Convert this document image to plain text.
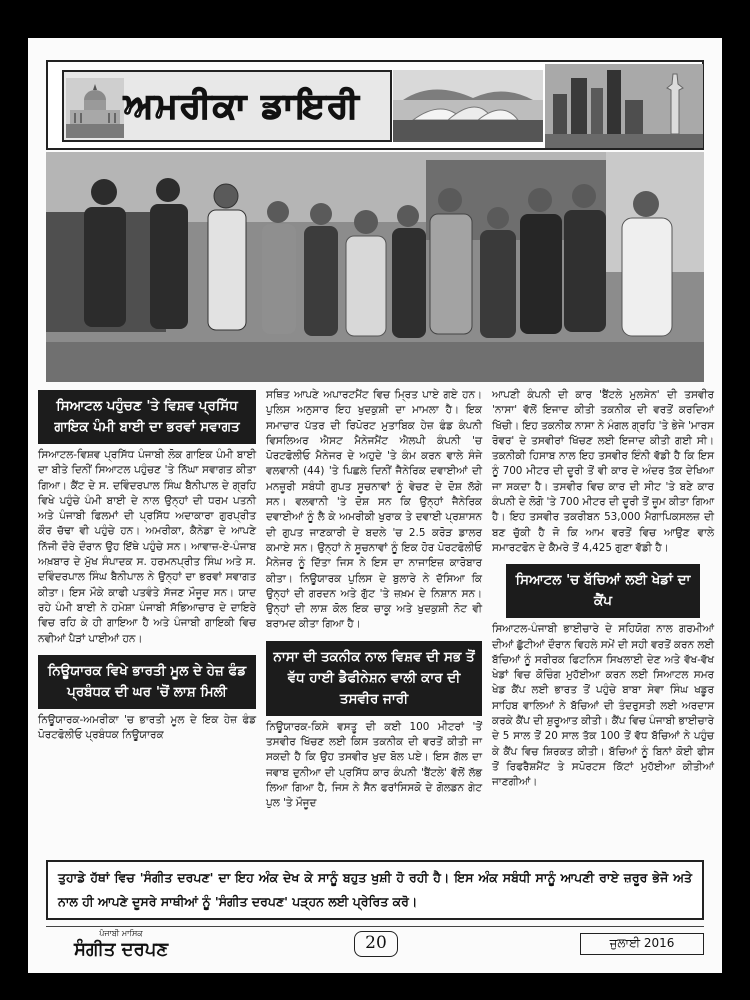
ਅਮਰੀਕਾ ਡਾਇਰੀ
ਸਿਆਟਲ ਪਹੁੰਚਣ 'ਤੇ ਵਿਸ਼ਵ ਪ੍ਰਸਿੱਧ ਗਾਇਕ ਪੰਮੀ ਬਾਈ ਦਾ ਭਰਵਾਂ ਸਵਾਗਤ

ਸਿਆਟਲ-ਵਿਸ਼ਵ ਪ੍ਰਸਿੱਧ ਪੰਜਾਬੀ ਲੋਕ ਗਾਇਕ ਪੰਮੀ ਬਾਈ ਦਾ ਬੀਤੇ ਦਿਨੀਂ ਸਿਆਟਲ ਪਹੁੰਚਣ 'ਤੇ ਨਿੱਘਾ ਸਵਾਗਤ ਕੀਤਾ ਗਿਆ। ਕੈਂਟ ਦੇ ਸ. ਦਵਿੰਦਰਪਾਲ ਸਿੰਘ ਬੈਨੀਪਾਲ ਦੇ ਗ੍ਰਹਿ ਵਿਖੇ ਪਹੁੰਚੇ ਪੰਮੀ ਬਾਈ ਦੇ ਨਾਲ ਉਨ੍ਹਾਂ ਦੀ ਧਰਮ ਪਤਨੀ ਅਤੇ ਪੰਜਾਬੀ ਫਿਲਮਾਂ ਦੀ ਪ੍ਰਸਿੱਧ ਅਦਾਕਾਰਾ ਗੁਰਪ੍ਰੀਤ ਕੌਰ ਚੱਢਾ ਵੀ ਪਹੁੰਚੇ ਹਨ। ਅਮਰੀਕਾ, ਕੈਨੇਡਾ ਦੇ ਆਪਣੇ ਨਿੱਜੀ ਦੌਰੇ ਦੌਰਾਨ ਉਹ ਇੱਥੇ ਪਹੁੰਚੇ ਸਨ। ਆਵਾਜ਼-ਏ-ਪੰਜਾਬ ਅਖ਼ਬਾਰ ਦੇ ਮੁੱਖ ਸੰਪਾਦਕ ਸ. ਹਰਮਨਪ੍ਰੀਤ ਸਿੰਘ ਅਤੇ ਸ. ਦਵਿੰਦਰਪਾਲ ਸਿੰਘ ਬੈਨੀਪਾਲ ਨੇ ਉਨ੍ਹਾਂ ਦਾ ਭਰਵਾਂ ਸਵਾਗਤ ਕੀਤਾ। ਇਸ ਮੌਕੇ ਕਾਫੀ ਪਤਵੰਤੇ ਸੱਜਣ ਮੌਜੂਦ ਸਨ। ਯਾਦ ਰਹੇ ਪੰਮੀ ਬਾਈ ਨੇ ਹਮੇਸ਼ਾ ਪੰਜਾਬੀ ਸੱਭਿਆਚਾਰ ਦੇ ਦਾਇਰੇ ਵਿਚ ਰਹਿ ਕੇ ਹੀ ਗਾਇਆ ਹੈ ਅਤੇ ਪੰਜਾਬੀ ਗਾਇਕੀ ਵਿਚ ਨਵੀਆਂ ਪੈੜਾਂ ਪਾਈਆਂ ਹਨ।

ਨਿਊਯਾਰਕ ਵਿਖੇ ਭਾਰਤੀ ਮੂਲ ਦੇ ਹੇਜ਼ ਫੰਡ ਪ੍ਰਬੰਧਕ ਦੀ ਘਰ 'ਚੋਂ ਲਾਸ਼ ਮਿਲੀ

ਨਿਊਯਾਰਕ-ਅਮਰੀਕਾ 'ਚ ਭਾਰਤੀ ਮੂਲ ਦੇ ਇਕ ਹੇਜ਼ ਫੰਡ ਪੋਰਟਫੋਲੀਓ ਪ੍ਰਬੰਧਕ ਨਿਊਯਾਰਕ

ਸਥਿਤ ਆਪਣੇ ਅਪਾਰਟਮੈਂਟ ਵਿਚ ਮ੍ਰਿਤ ਪਾਏ ਗਏ ਹਨ। ਪੁਲਿਸ ਅਨੁਸਾਰ ਇਹ ਖੁਦਕੁਸ਼ੀ ਦਾ ਮਾਮਲਾ ਹੈ। ਇਕ ਸਮਾਚਾਰ ਪੱਤਰ ਦੀ ਰਿਪੋਰਟ ਮੁਤਾਬਿਕ ਹੇਜ਼ ਫੰਡ ਕੰਪਨੀ ਵਿਸਲਿਅਰ ਐਸਟ ਮੈਨੇਜਮੈਂਟ ਐਲਪੀ ਕੰਪਨੀ 'ਚ ਪੋਰਟਫੋਲੀਓ ਮੈਨੇਜਰ ਦੇ ਅਹੁਦੇ 'ਤੇ ਕੰਮ ਕਰਨ ਵਾਲੇ ਸੰਜੇ ਵਲਵਾਨੀ (44) 'ਤੇ ਪਿਛਲੇ ਦਿਨੀਂ ਜੈਨੇਰਿਕ ਦਵਾਈਆਂ ਦੀ ਮਨਜ਼ੂਰੀ ਸਬੰਧੀ ਗੁਪਤ ਸੂਚਨਾਵਾਂ ਨੂੰ ਵੇਚਣ ਦੇ ਦੋਸ਼ ਲੱਗੇ ਸਨ। ਵਲਵਾਨੀ 'ਤੇ ਦੋਸ਼ ਸਨ ਕਿ ਉਨ੍ਹਾਂ ਜੈਨੇਰਿਕ ਦਵਾਈਆਂ ਨੂੰ ਲੈ ਕੇ ਅਮਰੀਕੀ ਖੁਰਾਕ ਤੇ ਦਵਾਈ ਪ੍ਰਸ਼ਾਸਨ ਦੀ ਗੁਪਤ ਜਾਣਕਾਰੀ ਦੇ ਬਦਲੇ 'ਚ 2.5 ਕਰੋੜ ਡਾਲਰ ਕਮਾਏ ਸਨ। ਉਨ੍ਹਾਂ ਨੇ ਸੂਚਨਾਵਾਂ ਨੂੰ ਇਕ ਹੋਰ ਪੋਰਟਫੋਲੀਓ ਮੈਨੇਜਰ ਨੂੰ ਦਿੱਤਾ ਜਿਸ ਨੇ ਇਸ ਦਾ ਨਾਜਾਇਜ਼ ਕਾਰੋਬਾਰ ਕੀਤਾ। ਨਿਊਯਾਰਕ ਪੁਲਿਸ ਦੇ ਬੁਲਾਰੇ ਨੇ ਦੱਸਿਆ ਕਿ ਉਨ੍ਹਾਂ ਦੀ ਗਰਦਨ ਅਤੇ ਗੁੱਟ 'ਤੇ ਜ਼ਖ਼ਮ ਦੇ ਨਿਸ਼ਾਨ ਸਨ। ਉਨ੍ਹਾਂ ਦੀ ਲਾਸ਼ ਕੋਲ ਇਕ ਚਾਕੂ ਅਤੇ ਖੁਦਕੁਸ਼ੀ ਨੋਟ ਵੀ ਬਰਾਮਦ ਕੀਤਾ ਗਿਆ ਹੈ।

ਨਾਸਾ ਦੀ ਤਕਨੀਕ ਨਾਲ ਵਿਸ਼ਵ ਦੀ ਸਭ ਤੋਂ ਵੱਧ ਹਾਈ ਡੈਫੀਨੇਸ਼ਨ ਵਾਲੀ ਕਾਰ ਦੀ ਤਸਵੀਰ ਜਾਰੀ

ਨਿਊਯਾਰਕ-ਕਿਸੇ ਵਸਤੂ ਦੀ ਕਈ 100 ਮੀਟਰਾਂ 'ਤੋਂ ਤਸਵੀਰ ਖਿੱਚਣ ਲਈ ਕਿਸ ਤਕਨੀਕ ਦੀ ਵਰਤੋਂ ਕੀਤੀ ਜਾ ਸਕਦੀ ਹੈ ਕਿ ਉਹ ਤਸਵੀਰ ਖੁਦ ਬੋਲ ਪਏ। ਇਸ ਗੱਲ ਦਾ ਜਵਾਬ ਦੁਨੀਆ ਦੀ ਪ੍ਰਸਿੱਧ ਕਾਰ ਕੰਪਨੀ 'ਬੈਂਟਲੇ' ਵੱਲੋਂ ਲੱਭ ਲਿਆ ਗਿਆ ਹੈ, ਜਿਸ ਨੇ ਸੈਨ ਫਰਾਂਸਿਸਕੋ ਦੇ ਗੋਲਡਨ ਗੇਟ ਪੁਲ 'ਤੇ ਮੌਜੂਦ

ਆਪਣੀ ਕੰਪਨੀ ਦੀ ਕਾਰ 'ਬੈਂਟਲੇ ਮੁਲਸੇਨ' ਦੀ ਤਸਵੀਰ 'ਨਾਸਾ' ਵੱਲੋਂ ਇਜਾਦ ਕੀਤੀ ਤਕਨੀਕ ਦੀ ਵਰਤੋਂ ਕਰਦਿਆਂ ਖਿੱਚੀ। ਇਹ ਤਕਨੀਕ ਨਾਸਾ ਨੇ ਮੰਗਲ ਗ੍ਰਹਿ 'ਤੇ ਭੇਜੇ 'ਮਾਰਸ ਰੋਵਰ' ਦੇ ਤਸਵੀਰਾਂ ਖਿੱਚਣ ਲਈ ਇਜਾਦ ਕੀਤੀ ਗਈ ਸੀ। ਤਕਨੀਕੀ ਹਿਸਾਬ ਨਾਲ ਇਹ ਤਸਵੀਰ ਇੰਨੀ ਵੱਡੀ ਹੈ ਕਿ ਇਸ ਨੂੰ 700 ਮੀਟਰ ਦੀ ਦੂਰੀ ਤੋਂ ਵੀ ਕਾਰ ਦੇ ਅੰਦਰ ਤੱਕ ਦੇਖਿਆ ਜਾ ਸਕਦਾ ਹੈ। ਤਸਵੀਰ ਵਿਚ ਕਾਰ ਦੀ ਸੀਟ 'ਤੇ ਬਣੇ ਕਾਰ ਕੰਪਨੀ ਦੇ ਲੋਗੋ 'ਤੇ 700 ਮੀਟਰ ਦੀ ਦੂਰੀ ਤੋਂ ਜ਼ੂਮ ਕੀਤਾ ਗਿਆ ਹੈ। ਇਹ ਤਸਵੀਰ ਤਕਰੀਬਨ 53,000 ਮੈਗਾਪਿਕਸਲਜ਼ ਦੀ ਬਣ ਚੁੱਕੀ ਹੈ ਜੋ ਕਿ ਆਮ ਵਰਤੋਂ ਵਿਚ ਆਉਣ ਵਾਲੇ ਸਮਾਰਟਫੋਨ ਦੇ ਕੈਮਰੇ ਤੋਂ 4,425 ਗੁਣਾ ਵੱਡੀ ਹੈ।

ਸਿਆਟਲ 'ਚ ਬੱਚਿਆਂ ਲਈ ਖੇਡਾਂ ਦਾ ਕੈਂਪ

ਸਿਆਟਲ-ਪੰਜਾਬੀ ਭਾਈਚਾਰੇ ਦੇ ਸਹਿਯੋਗ ਨਾਲ ਗਰਮੀਆਂ ਦੀਆਂ ਛੁੱਟੀਆਂ ਦੌਰਾਨ ਵਿਹਲੇ ਸਮੇਂ ਦੀ ਸਹੀ ਵਰਤੋਂ ਕਰਨ ਲਈ ਬੱਚਿਆਂ ਨੂੰ ਸਰੀਰਕ ਫਿਟਨਿਸ ਸਿਖਲਾਈ ਦੇਣ ਅਤੇ ਵੱਖ-ਵੱਖ ਖੇਡਾਂ ਵਿਚ ਕੋਚਿੰਗ ਮੁਹੱਈਆ ਕਰਨ ਲਈ ਸਿਆਟਲ ਸਮਰ ਖੇਡ ਕੈਂਪ ਲਈ ਭਾਰਤ ਤੋਂ ਪਹੁੰਚੇ ਬਾਬਾ ਸੇਵਾ ਸਿੰਘ ਖਡੂਰ ਸਾਹਿਬ ਵਾਲਿਆਂ ਨੇ ਬੱਚਿਆਂ ਦੀ ਤੰਦਰੁਸਤੀ ਲਈ ਅਰਦਾਸ ਕਰਕੇ ਕੈਂਪ ਦੀ ਸ਼ੁਰੂਆਤ ਕੀਤੀ। ਕੈਂਪ ਵਿਚ ਪੰਜਾਬੀ ਭਾਈਚਾਰੇ ਦੇ 5 ਸਾਲ ਤੋਂ 20 ਸਾਲ ਤੱਕ 100 ਤੋਂ ਵੱਧ ਬੱਚਿਆਂ ਨੇ ਪਹੁੰਚ ਕੇ ਕੈਂਪ ਵਿਚ ਸ਼ਿਰਕਤ ਕੀਤੀ। ਬੱਚਿਆਂ ਨੂੰ ਬਿਨਾਂ ਕੋਈ ਫੀਸ ਤੋਂ ਰਿਫਰੈਸ਼ਮੈਂਟ ਤੇ ਸਪੋਰਟਸ ਕਿੱਟਾਂ ਮੁਹੱਈਆ ਕੀਤੀਆਂ ਜਾਣਗੀਆਂ।

ਤੁਹਾਡੇ ਹੱਥਾਂ ਵਿਚ 'ਸੰਗੀਤ ਦਰਪਣ' ਦਾ ਇਹ ਅੰਕ ਦੇਖ ਕੇ ਸਾਨੂੰ ਬਹੁਤ ਖੁਸ਼ੀ ਹੋ ਰਹੀ ਹੈ। ਇਸ ਅੰਕ ਸਬੰਧੀ ਸਾਨੂੰ ਆਪਣੀ ਰਾਏ ਜ਼ਰੂਰ ਭੇਜੋ ਅਤੇ ਨਾਲ ਹੀ ਆਪਣੇ ਦੂਸਰੇ ਸਾਥੀਆਂ ਨੂੰ 'ਸੰਗੀਤ ਦਰਪਣ' ਪੜ੍ਹਨ ਲਈ ਪ੍ਰੇਰਿਤ ਕਰੋ।
ਪੰਜਾਬੀ ਮਾਸਿਕ
ਸੰਗੀਤ ਦਰਪਣ	20	ਜੁਲਾਈ 2016
